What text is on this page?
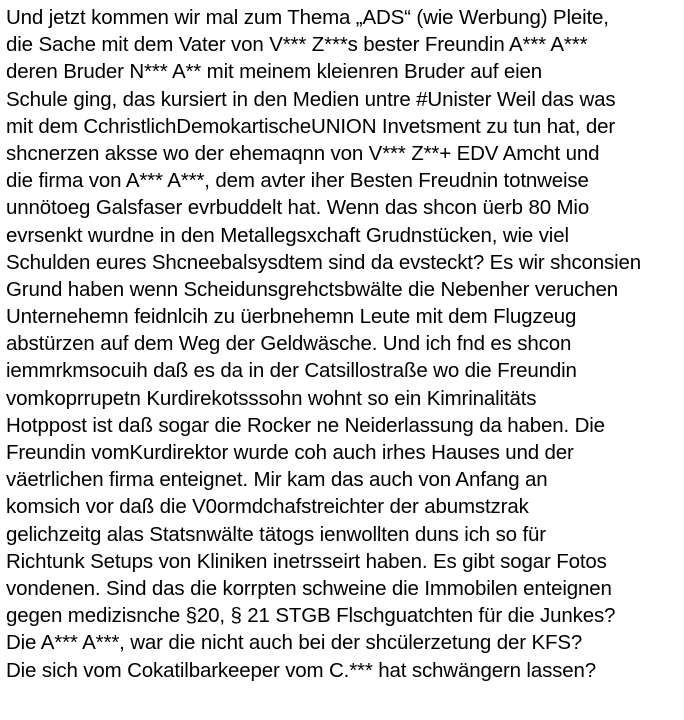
Und jetzt kommen wir mal zum Thema „ADS“ (wie Werbung) Pleite,
die Sache mit dem Vater von V*** Z***s bester Freundin A*** A***
deren Bruder N*** A** mit meinem kleienren Bruder auf eien
Schule ging, das kursiert in den Medien untre #Unister Weil das was
mit dem CchristlichDemokartischeUNION Invetsment zu tun hat, der
shcnerzen aksse wo der ehemaqnn von V*** Z**+ EDV Amcht und
die firma von A*** A***, dem avter iher Besten Freudnin totnweise
unnötoeg Galsfaser evrbuddelt hat. Wenn das shcon üerb 80 Mio
evrsenkt wurdne in den Metallegsxchaft Grudnstücken, wie viel
Schulden eures Shcneebalsysdtem sind da evsteckt? Es wir shconsien
Grund haben wenn Scheidunsgrehctsbwälte die Nebenher veruchen
Unternehemn feidnlcih zu üerbnehemn Leute mit dem Flugzeug
abstürzen auf dem Weg der Geldwäsche. Und ich fnd es shcon
iemmrkmsocuih daß es da in der Catsillostraße wo die Freundin
vomkoprrupetn Kurdirekotsssohn wohnt so ein Kimrinalitäts
Hotppost ist daß sogar die Rocker ne Neiderlassung da haben. Die
Freundin vomKurdirektor wurde coh auch irhes Hauses und der
väetrlichen firma enteignet. Mir kam das auch von Anfang an
komsich vor daß die V0ormdchafstreichter der abumstzrak
gelichzeitg alas Statsnwälte tätogs ienwollten duns ich so für
Richtunk Setups von Kliniken inetrsseirt haben. Es gibt sogar Fotos
vondenen. Sind das die korrpten schweine die Immobilen enteignen
gegen medizisnche §20, § 21 STGB Flschguatchten für die Junkes?
Die A*** A***, war die nicht auch bei der shcülerzetung der KFS?
Die sich vom Cokatilbarkeeper vom C.*** hat schwängern lassen?
